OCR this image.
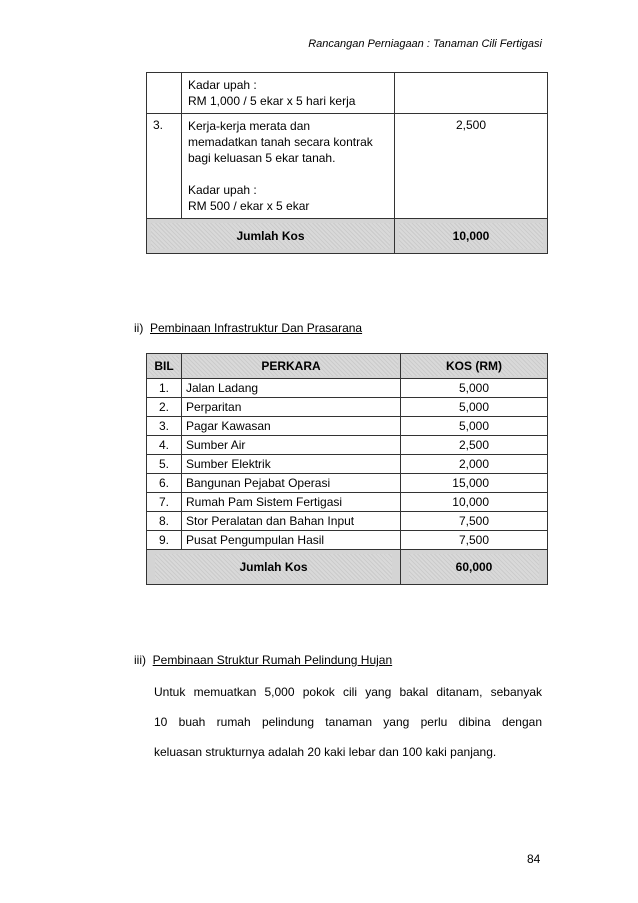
Rancangan Perniagaan : Tanaman Cili Fertigasi

	Kadar upah :
RM 1,000 / 5 ekar x 5 hari kerja	

3.	Kerja-kerja merata dan
memadatkan tanah secara kontrak
bagi keluasan 5 ekar tanah.
Kadar upah :
RM 500 / ekar x 5 ekar	2,500

Jumlah Kos		10,000
ii) Pembinaan Infrastruktur Dan Prasarana
BIL	PERKARA	KOS (RM)

1.	Jalan Ladang	5,000
2.	Perparitan	5,000
3.	Pagar Kawasan	5,000
4.	Sumber Air	2,500
5.	Sumber Elektrik	2,000
6.	Bangunan Pejabat Operasi	15,000
7.	Rumah Pam Sistem Fertigasi	10,000
8.	Stor Peralatan dan Bahan Input	7,500
9.	Pusat Pengumpulan Hasil	7,500

Jumlah Kos		60,000
iii) Pembinaan Struktur Rumah Pelindung Hujan
Untuk memuatkan 5,000 pokok cili yang bakal ditanam, sebanyak
10 buah rumah pelindung tanaman yang perlu dibina dengan
keluasan strukturnya adalah 20 kaki lebar dan 100 kaki panjang.
84
